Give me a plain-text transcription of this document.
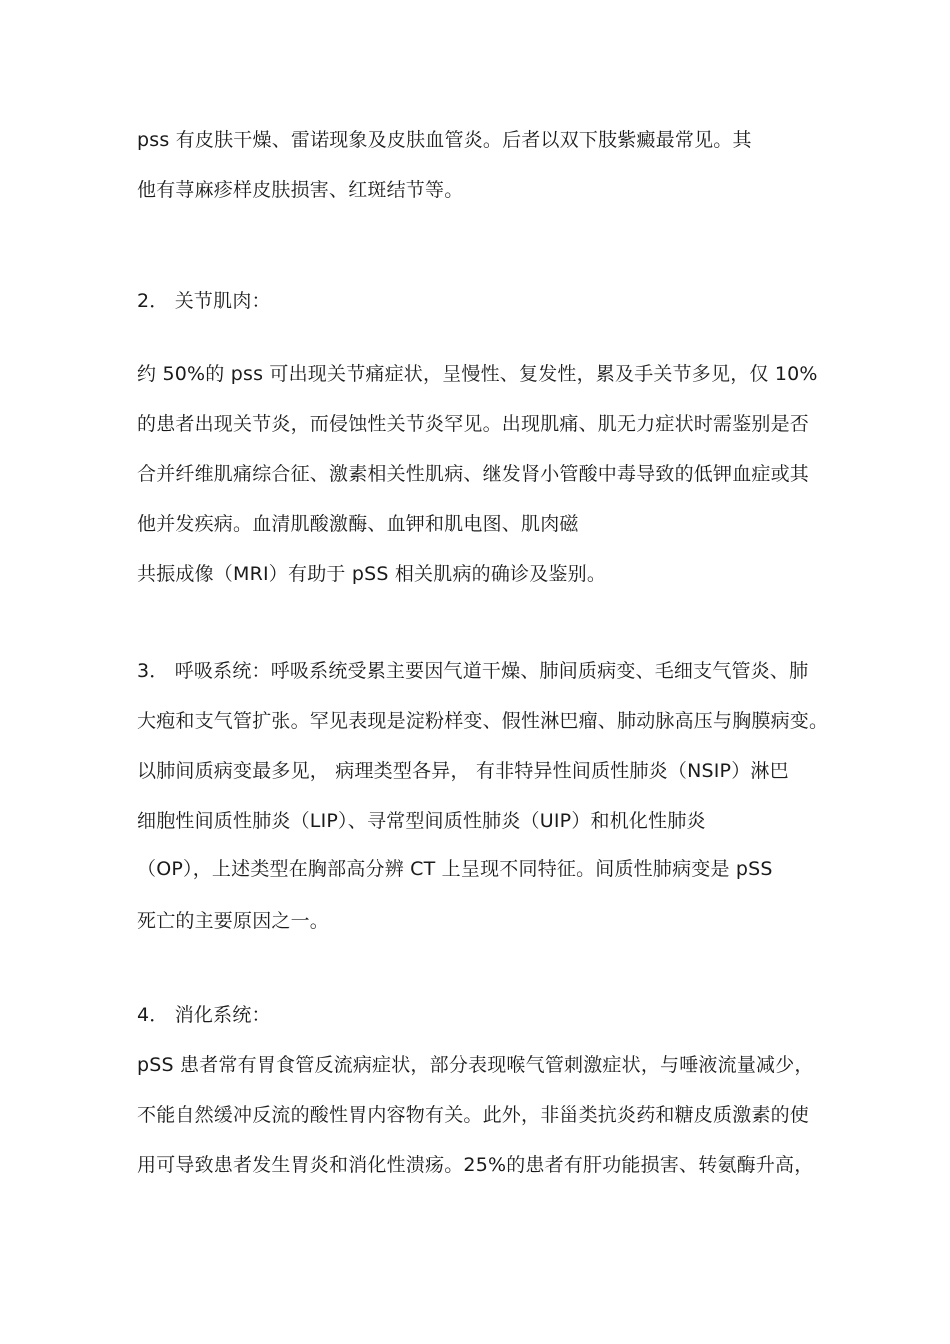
pss 有皮肤干燥、雷诺现象及皮肤血管炎。后者以双下肢紫癜最常见。其
他有荨麻疹样皮肤损害、红斑结节等。
2． 关节肌肉：
约 50%的 pss 可出现关节痛症状，呈慢性、复发性，累及手关节多见，仅 10%
的患者出现关节炎，而侵蚀性关节炎罕见。出现肌痛、肌无力症状时需鉴别是否
合并纤维肌痛综合征、激素相关性肌病、继发肾小管酸中毒导致的低钾血症或其
他并发疾病。血清肌酸激酶、血钾和肌电图、肌肉磁
共振成像（MRI）有助于 pSS 相关肌病的确诊及鉴别。
3． 呼吸系统：呼吸系统受累主要因气道干燥、肺间质病变、毛细支气管炎、肺
大疱和支气管扩张。罕见表现是淀粉样变、假性淋巴瘤、肺动脉高压与胸膜病变。
以肺间质病变最多见， 病理类型各异， 有非特异性间质性肺炎（NSIP）淋巴
细胞性间质性肺炎（LIP）、寻常型间质性肺炎（UIP）和机化性肺炎
（OP），上述类型在胸部高分辨 CT 上呈现不同特征。间质性肺病变是 pSS
死亡的主要原因之一。
4． 消化系统：
pSS 患者常有胃食管反流病症状，部分表现喉气管刺激症状，与唾液流量减少，
不能自然缓冲反流的酸性胃内容物有关。此外，非甾类抗炎药和糖皮质激素的使
用可导致患者发生胃炎和消化性溃疡。25%的患者有肝功能损害、转氨酶升高，
